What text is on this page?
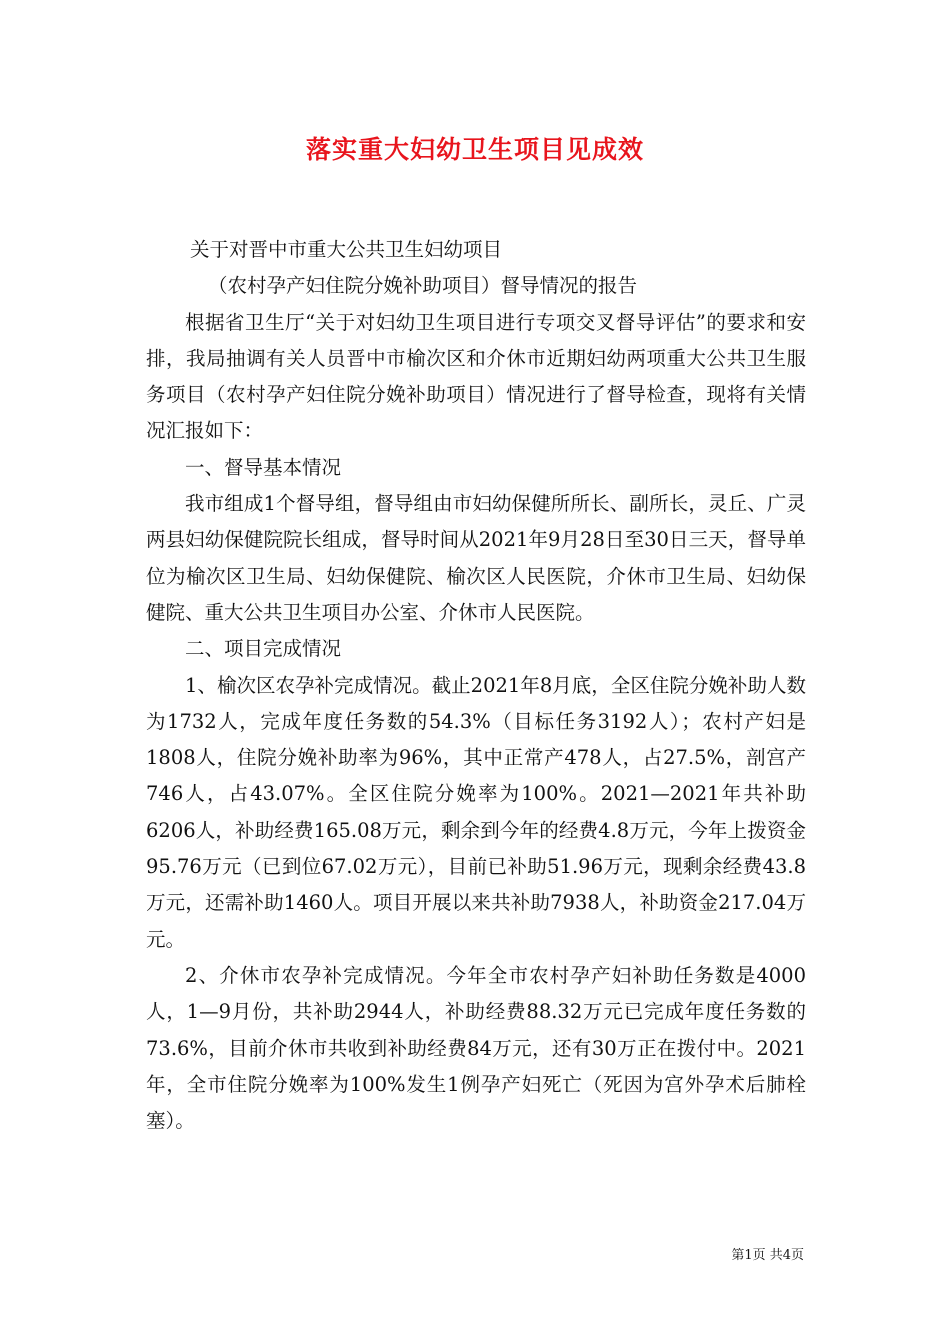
落实重大妇幼卫生项目见成效

关于对晋中市重大公共卫生妇幼项目

（农村孕产妇住院分娩补助项目）督导情况的报告

根据省卫生厅“关于对妇幼卫生项目进行专项交叉督导评估”的要求和安排，我局抽调有关人员晋中市榆次区和介休市近期妇幼两项重大公共卫生服务项目（农村孕产妇住院分娩补助项目）情况进行了督导检查，现将有关情况汇报如下：

一、督导基本情况

我市组成1个督导组，督导组由市妇幼保健所所长、副所长，灵丘、广灵两县妇幼保健院院长组成，督导时间从2021年9月28日至30日三天，督导单位为榆次区卫生局、妇幼保健院、榆次区人民医院，介休市卫生局、妇幼保健院、重大公共卫生项目办公室、介休市人民医院。

二、项目完成情况

1、榆次区农孕补完成情况。截止2021年8月底，全区住院分娩补助人数为1732人，完成年度任务数的54.3%（目标任务3192人）；农村产妇是1808人，住院分娩补助率为96%，其中正常产478人，占27.5%，剖宫产746人，占43.07%。全区住院分娩率为100%。2021—2021年共补助6206人，补助经费165.08万元，剩余到今年的经费4.8万元，今年上拨资金95.76万元（已到位67.02万元），目前已补助51.96万元，现剩余经费43.8万元，还需补助1460人。项目开展以来共补助7938人，补助资金217.04万元。

2、介休市农孕补完成情况。今年全市农村孕产妇补助任务数是4000人，1—9月份，共补助2944人，补助经费88.32万元已完成年度任务数的73.6%，目前介休市共收到补助经费84万元，还有30万正在拨付中。2021年，全市住院分娩率为100%发生1例孕产妇死亡（死因为宫外孕术后肺栓塞）。

第1页 共4页
